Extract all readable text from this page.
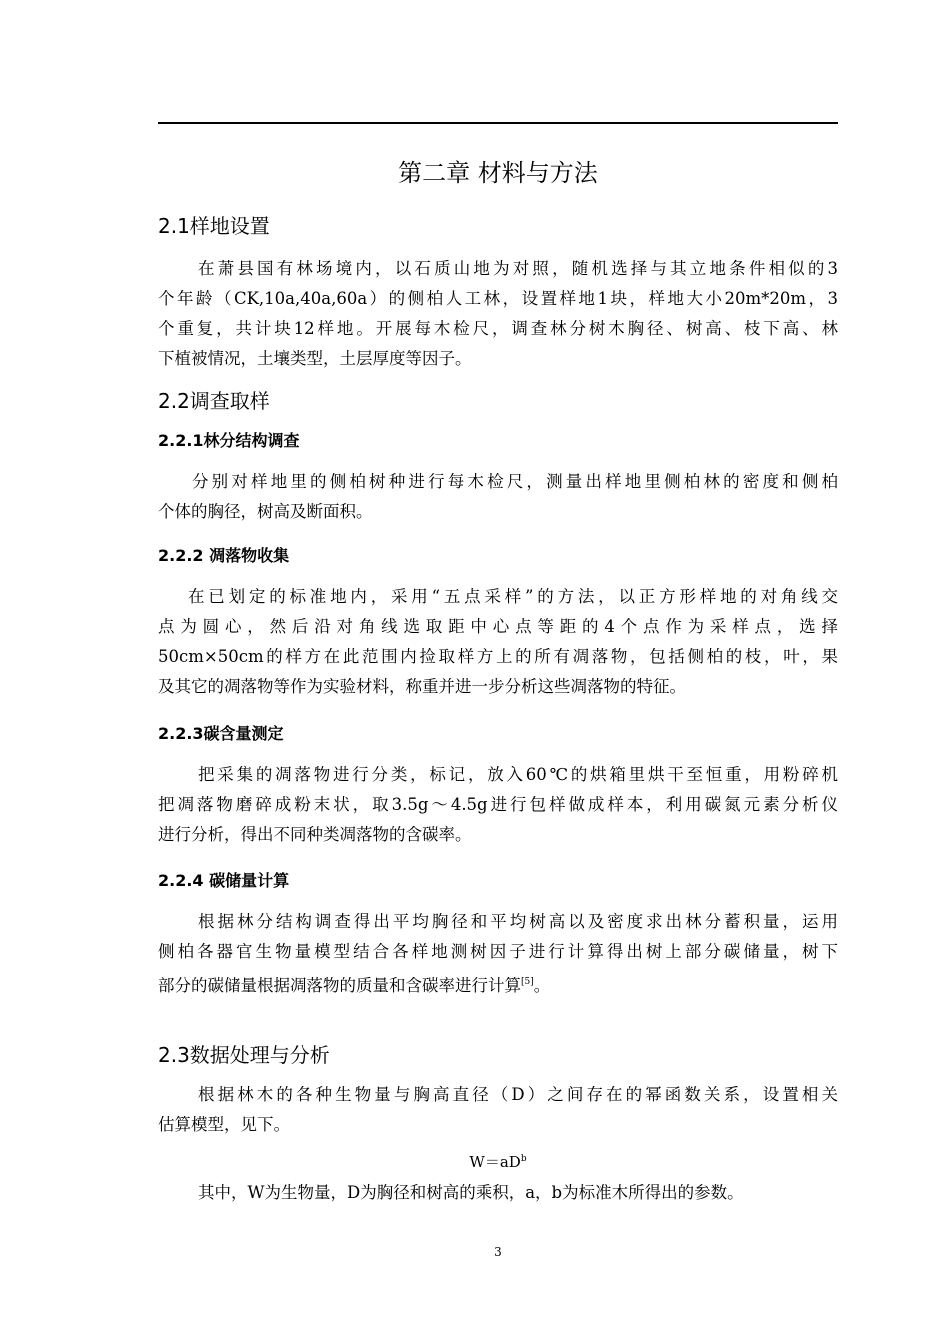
第二章 材料与方法
2.1样地设置
在萧县国有林场境内，以石质山地为对照，随机选择与其立地条件相似的3
个年龄（CK,10a,40a,60a）的侧柏人工林，设置样地1块，样地大小20m*20m，3
个重复，共计块12样地。开展每木检尺，调查林分树木胸径、树高、枝下高、林
下植被情况，土壤类型，土层厚度等因子。
2.2调查取样
2.2.1林分结构调查
分别对样地里的侧柏树种进行每木检尺，测量出样地里侧柏林的密度和侧柏
个体的胸径，树高及断面积。
2.2.2 凋落物收集
在已划定的标准地内，采用“五点采样”的方法，以正方形样地的对角线交
点为圆心，然后沿对角线选取距中心点等距的4个点作为采样点，选择
50cm×50cm的样方在此范围内捡取样方上的所有凋落物，包括侧柏的枝，叶，果
及其它的凋落物等作为实验材料，称重并进一步分析这些凋落物的特征。
2.2.3碳含量测定
把采集的凋落物进行分类，标记，放入60℃的烘箱里烘干至恒重，用粉碎机
把凋落物磨碎成粉末状，取3.5g～4.5g进行包样做成样本，利用碳氮元素分析仪
进行分析，得出不同种类凋落物的含碳率。
2.2.4 碳储量计算
根据林分结构调查得出平均胸径和平均树高以及密度求出林分蓄积量，运用
侧柏各器官生物量模型结合各样地测树因子进行计算得出树上部分碳储量，树下
部分的碳储量根据凋落物的质量和含碳率进行计算[5]。
2.3数据处理与分析
根据林木的各种生物量与胸高直径（D）之间存在的幂函数关系，设置相关
估算模型，见下。
$W=aD^b$
其中，W为生物量，D为胸径和树高的乘积，a，b为标准木所得出的参数。
3
